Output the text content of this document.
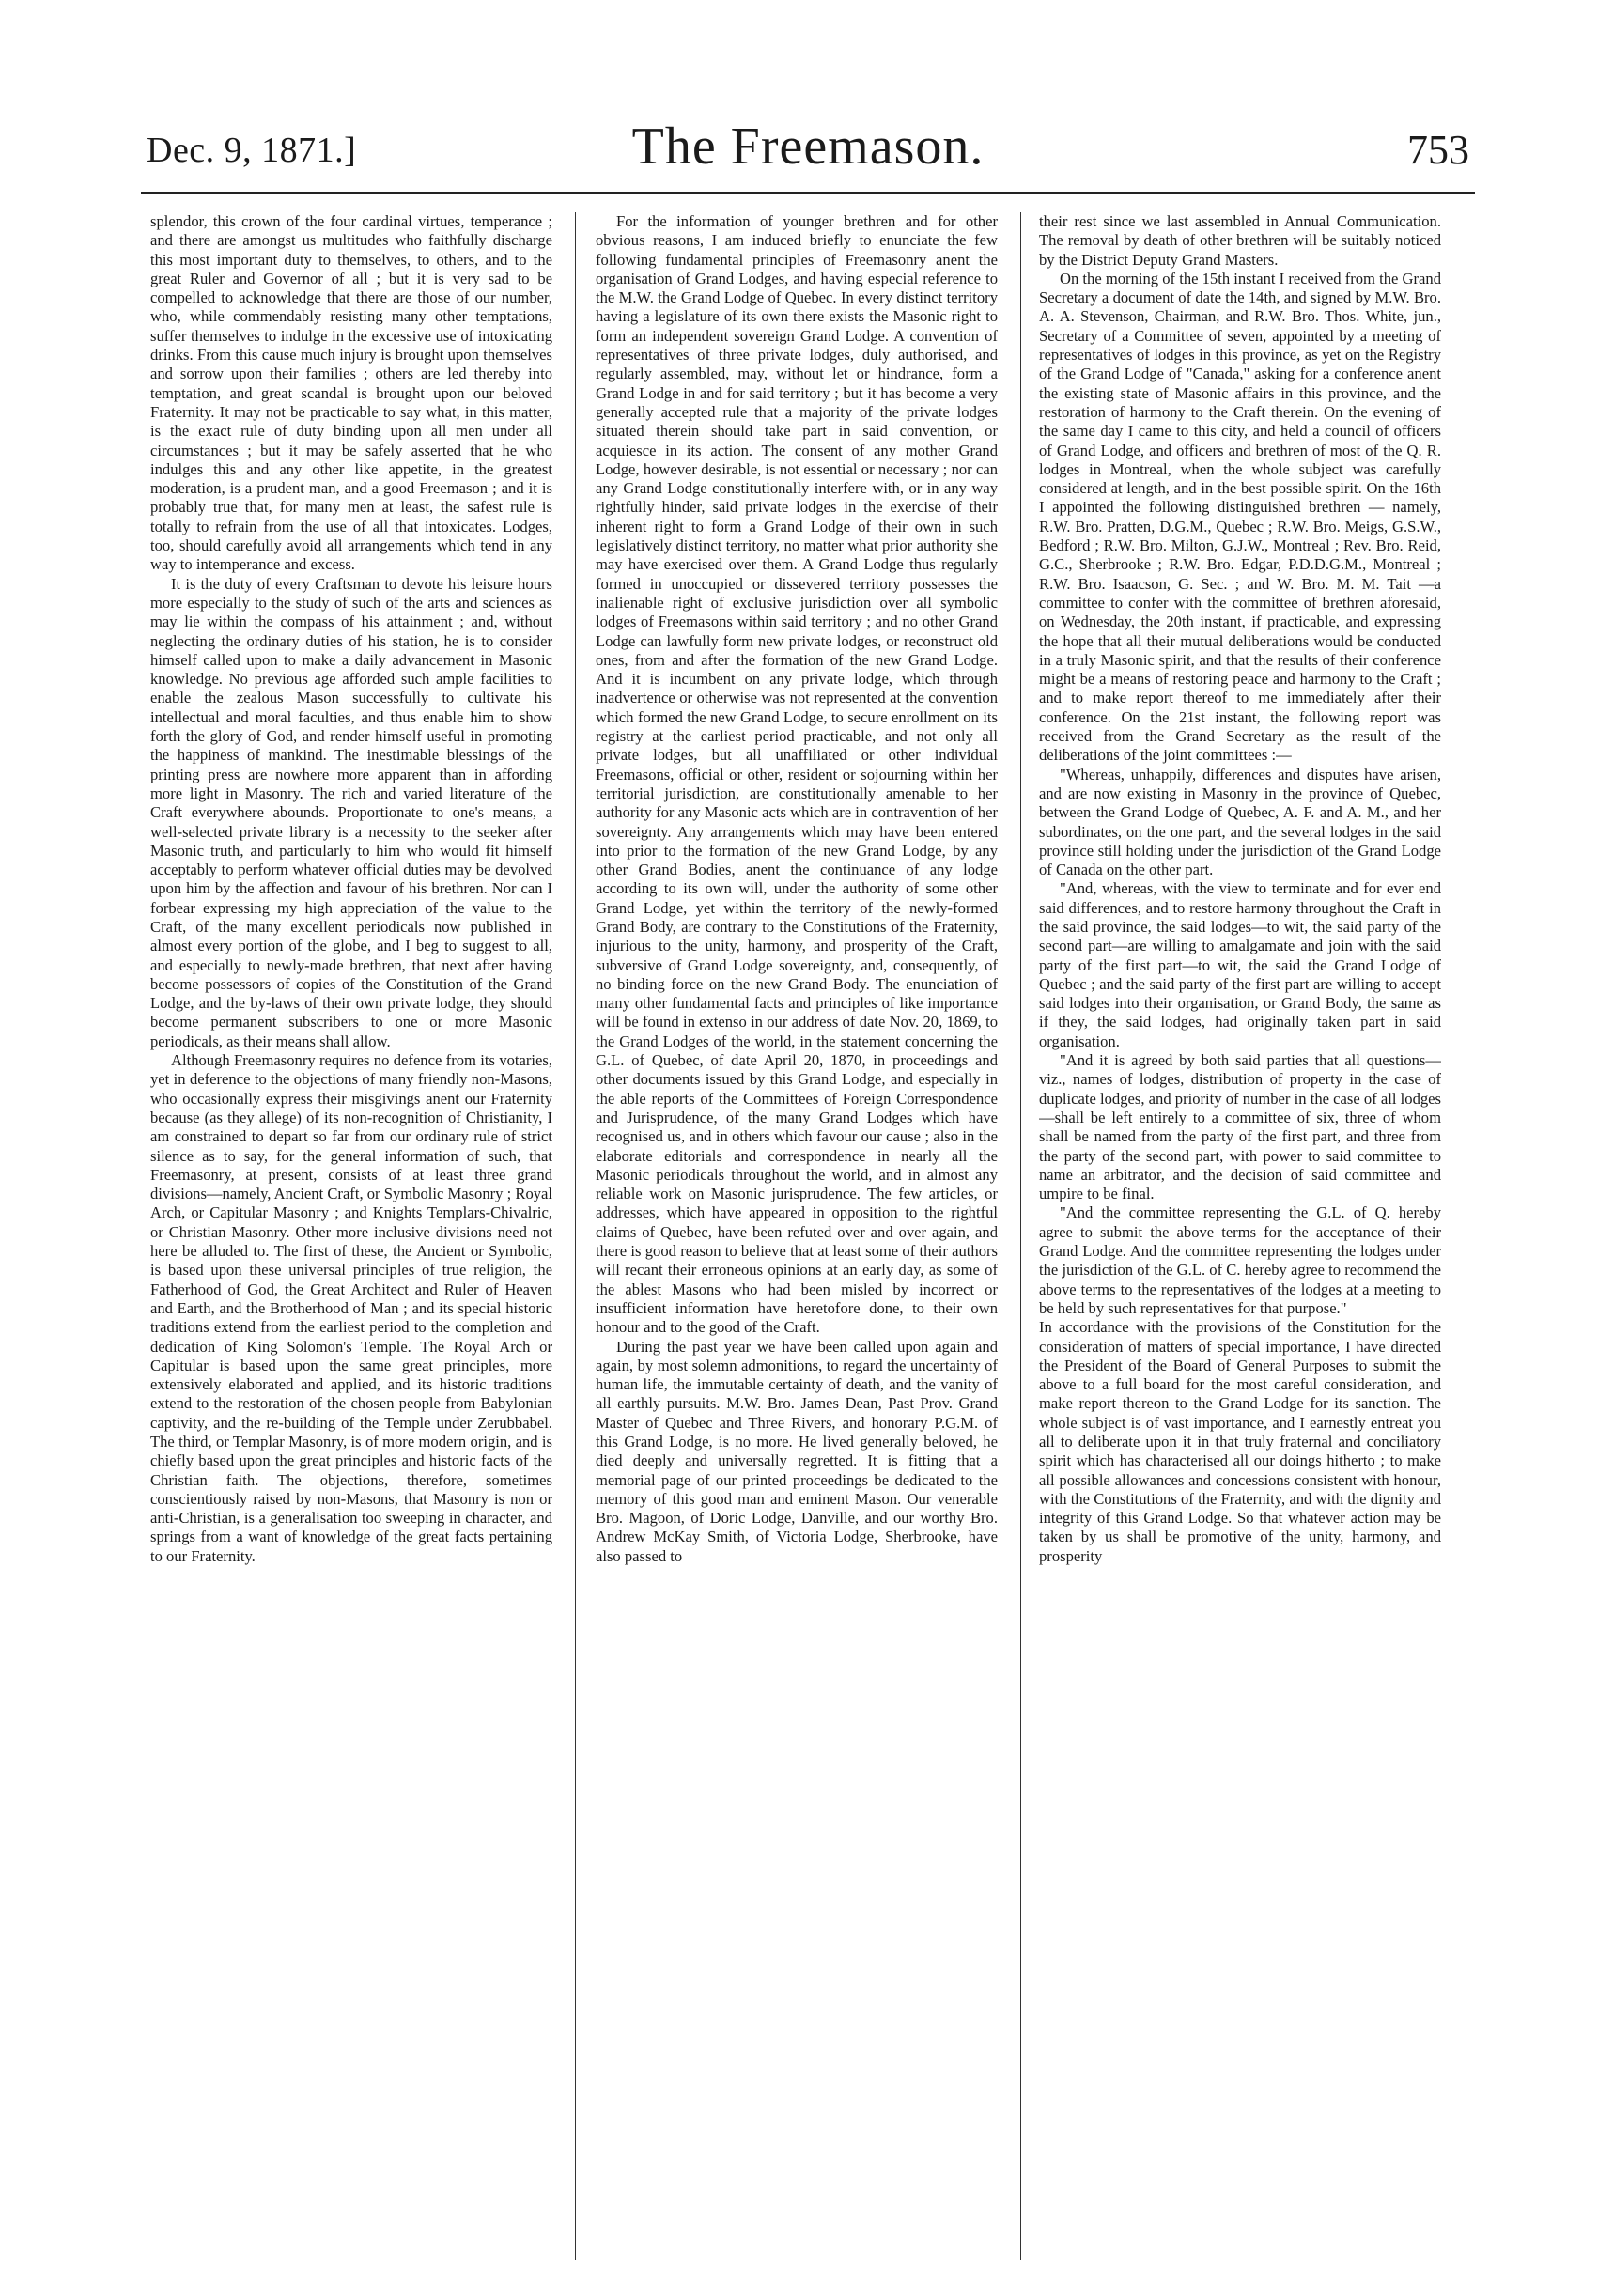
Dec. 9, 1871.]	The Freemason.	753

splendor, this crown of the four cardinal virtues, temperance ; and there are amongst us multitudes who faithfully discharge this most important duty to themselves, to others, and to the great Ruler and Governor of all ; but it is very sad to be compelled to acknowledge that there are those of our number, who, while commendably resisting many other temptations, suffer themselves to indulge in the excessive use of intoxicating drinks. From this cause much injury is brought upon themselves and sorrow upon their families ; others are led thereby into temptation, and great scandal is brought upon our beloved Fraternity. It may not be practicable to say what, in this matter, is the exact rule of duty binding upon all men under all circumstances ; but it may be safely asserted that he who indulges this and any other like appetite, in the greatest moderation, is a prudent man, and a good Freemason ; and it is probably true that, for many men at least, the safest rule is totally to refrain from the use of all that intoxicates. Lodges, too, should carefully avoid all arrangements which tend in any way to intemperance and excess.

It is the duty of every Craftsman to devote his leisure hours more especially to the study of such of the arts and sciences as may lie within the compass of his attainment ; and, without neglecting the ordinary duties of his station, he is to consider himself called upon to make a daily advancement in Masonic knowledge. No previous age afforded such ample facilities to enable the zealous Mason successfully to cultivate his intellectual and moral faculties, and thus enable him to show forth the glory of God, and render himself useful in promoting the happiness of mankind. The inestimable blessings of the printing press are nowhere more apparent than in affording more light in Masonry. The rich and varied literature of the Craft everywhere abounds. Proportionate to one's means, a well-selected private library is a necessity to the seeker after Masonic truth, and particularly to him who would fit himself acceptably to perform whatever official duties may be devolved upon him by the affection and favour of his brethren. Nor can I forbear expressing my high appreciation of the value to the Craft, of the many excellent periodicals now published in almost every portion of the globe, and I beg to suggest to all, and especially to newly-made brethren, that next after having become possessors of copies of the Constitution of the Grand Lodge, and the by-laws of their own private lodge, they should become permanent subscribers to one or more Masonic periodicals, as their means shall allow.

Although Freemasonry requires no defence from its votaries, yet in deference to the objections of many friendly non-Masons, who occasionally express their misgivings anent our Fraternity because (as they allege) of its non-recognition of Christianity, I am constrained to depart so far from our ordinary rule of strict silence as to say, for the general information of such, that Freemasonry, at present, consists of at least three grand divisions—namely, Ancient Craft, or Symbolic Masonry ; Royal Arch, or Capitular Masonry ; and Knights Templars-Chivalric, or Christian Masonry. Other more inclusive divisions need not here be alluded to. The first of these, the Ancient or Symbolic, is based upon these universal principles of true religion, the Fatherhood of God, the Great Architect and Ruler of Heaven and Earth, and the Brotherhood of Man ; and its special historic traditions extend from the earliest period to the completion and dedication of King Solomon's Temple. The Royal Arch or Capitular is based upon the same great principles, more extensively elaborated and applied, and its historic traditions extend to the restoration of the chosen people from Babylonian captivity, and the re-building of the Temple under Zerubbabel. The third, or Templar Masonry, is of more modern origin, and is chiefly based upon the great principles and historic facts of the Christian faith. The objections, therefore, sometimes conscientiously raised by non-Masons, that Masonry is non or anti-Christian, is a generalisation too sweeping in character, and springs from a want of knowledge of the great facts pertaining to our Fraternity.

For the information of younger brethren and for other obvious reasons, I am induced briefly to enunciate the few following fundamental principles of Freemasonry anent the organisation of Grand Lodges, and having especial reference to the M.W. the Grand Lodge of Quebec. In every distinct territory having a legislature of its own there exists the Masonic right to form an independent sovereign Grand Lodge. A convention of representatives of three private lodges, duly authorised, and regularly assembled, may, without let or hindrance, form a Grand Lodge in and for said territory ; but it has become a very generally accepted rule that a majority of the private lodges situated therein should take part in said convention, or acquiesce in its action. The consent of any mother Grand Lodge, however desirable, is not essential or necessary ; nor can any Grand Lodge constitutionally interfere with, or in any way rightfully hinder, said private lodges in the exercise of their inherent right to form a Grand Lodge of their own in such legislatively distinct territory, no matter what prior authority she may have exercised over them. A Grand Lodge thus regularly formed in unoccupied or dissevered territory possesses the inalienable right of exclusive jurisdiction over all symbolic lodges of Freemasons within said territory ; and no other Grand Lodge can lawfully form new private lodges, or reconstruct old ones, from and after the formation of the new Grand Lodge. And it is incumbent on any private lodge, which through inadvertence or otherwise was not represented at the convention which formed the new Grand Lodge, to secure enrollment on its registry at the earliest period practicable, and not only all private lodges, but all unaffiliated or other individual Freemasons, official or other, resident or sojourning within her territorial jurisdiction, are constitutionally amenable to her authority for any Masonic acts which are in contravention of her sovereignty. Any arrangements which may have been entered into prior to the formation of the new Grand Lodge, by any other Grand Bodies, anent the continuance of any lodge according to its own will, under the authority of some other Grand Lodge, yet within the territory of the newly-formed Grand Body, are contrary to the Constitutions of the Fraternity, injurious to the unity, harmony, and prosperity of the Craft, subversive of Grand Lodge sovereignty, and, consequently, of no binding force on the new Grand Body. The enunciation of many other fundamental facts and principles of like importance will be found in extenso in our address of date Nov. 20, 1869, to the Grand Lodges of the world, in the statement concerning the G.L. of Quebec, of date April 20, 1870, in proceedings and other documents issued by this Grand Lodge, and especially in the able reports of the Committees of Foreign Correspondence and Jurisprudence, of the many Grand Lodges which have recognised us, and in others which favour our cause ; also in the elaborate editorials and correspondence in nearly all the Masonic periodicals throughout the world, and in almost any reliable work on Masonic jurisprudence. The few articles, or addresses, which have appeared in opposition to the rightful claims of Quebec, have been refuted over and over again, and there is good reason to believe that at least some of their authors will recant their erroneous opinions at an early day, as some of the ablest Masons who had been misled by incorrect or insufficient information have heretofore done, to their own honour and to the good of the Craft.

During the past year we have been called upon again and again, by most solemn admonitions, to regard the uncertainty of human life, the immutable certainty of death, and the vanity of all earthly pursuits. M.W. Bro. James Dean, Past Prov. Grand Master of Quebec and Three Rivers, and honorary P.G.M. of this Grand Lodge, is no more. He lived generally beloved, he died deeply and universally regretted. It is fitting that a memorial page of our printed proceedings be dedicated to the memory of this good man and eminent Mason. Our venerable Bro. Magoon, of Doric Lodge, Danville, and our worthy Bro. Andrew McKay Smith, of Victoria Lodge, Sherbrooke, have also passed to

their rest since we last assembled in Annual Communication. The removal by death of other brethren will be suitably noticed by the District Deputy Grand Masters.

On the morning of the 15th instant I received from the Grand Secretary a document of date the 14th, and signed by M.W. Bro. A. A. Stevenson, Chairman, and R.W. Bro. Thos. White, jun., Secretary of a Committee of seven, appointed by a meeting of representatives of lodges in this province, as yet on the Registry of the Grand Lodge of "Canada," asking for a conference anent the existing state of Masonic affairs in this province, and the restoration of harmony to the Craft therein. On the evening of the same day I came to this city, and held a council of officers of Grand Lodge, and officers and brethren of most of the Q. R. lodges in Montreal, when the whole subject was carefully considered at length, and in the best possible spirit. On the 16th I appointed the following distinguished brethren — namely, R.W. Bro. Pratten, D.G.M., Quebec ; R.W. Bro. Meigs, G.S.W., Bedford ; R.W. Bro. Milton, G.J.W., Montreal ; Rev. Bro. Reid, G.C., Sherbrooke ; R.W. Bro. Edgar, P.D.D.G.M., Montreal ; R.W. Bro. Isaacson, G. Sec. ; and W. Bro. M. M. Tait —a committee to confer with the committee of brethren aforesaid, on Wednesday, the 20th instant, if practicable, and expressing the hope that all their mutual deliberations would be conducted in a truly Masonic spirit, and that the results of their conference might be a means of restoring peace and harmony to the Craft ; and to make report thereof to me immediately after their conference. On the 21st instant, the following report was received from the Grand Secretary as the result of the deliberations of the joint committees :—

"Whereas, unhappily, differences and disputes have arisen, and are now existing in Masonry in the province of Quebec, between the Grand Lodge of Quebec, A. F. and A. M., and her subordinates, on the one part, and the several lodges in the said province still holding under the jurisdiction of the Grand Lodge of Canada on the other part.

"And, whereas, with the view to terminate and for ever end said differences, and to restore harmony throughout the Craft in the said province, the said lodges—to wit, the said party of the second part—are willing to amalgamate and join with the said party of the first part—to wit, the said the Grand Lodge of Quebec ; and the said party of the first part are willing to accept said lodges into their organisation, or Grand Body, the same as if they, the said lodges, had originally taken part in said organisation.

"And it is agreed by both said parties that all questions—viz., names of lodges, distribution of property in the case of duplicate lodges, and priority of number in the case of all lodges—shall be left entirely to a committee of six, three of whom shall be named from the party of the first part, and three from the party of the second part, with power to said committee to name an arbitrator, and the decision of said committee and umpire to be final.

"And the committee representing the G.L. of Q. hereby agree to submit the above terms for the acceptance of their Grand Lodge. And the committee representing the lodges under the jurisdiction of the G.L. of C. hereby agree to recommend the above terms to the representatives of the lodges at a meeting to be held by such representatives for that purpose."

In accordance with the provisions of the Constitution for the consideration of matters of special importance, I have directed the President of the Board of General Purposes to submit the above to a full board for the most careful consideration, and make report thereon to the Grand Lodge for its sanction. The whole subject is of vast importance, and I earnestly entreat you all to deliberate upon it in that truly fraternal and conciliatory spirit which has characterised all our doings hitherto ; to make all possible allowances and concessions consistent with honour, with the Constitutions of the Fraternity, and with the dignity and integrity of this Grand Lodge. So that whatever action may be taken by us shall be promotive of the unity, harmony, and prosperity
